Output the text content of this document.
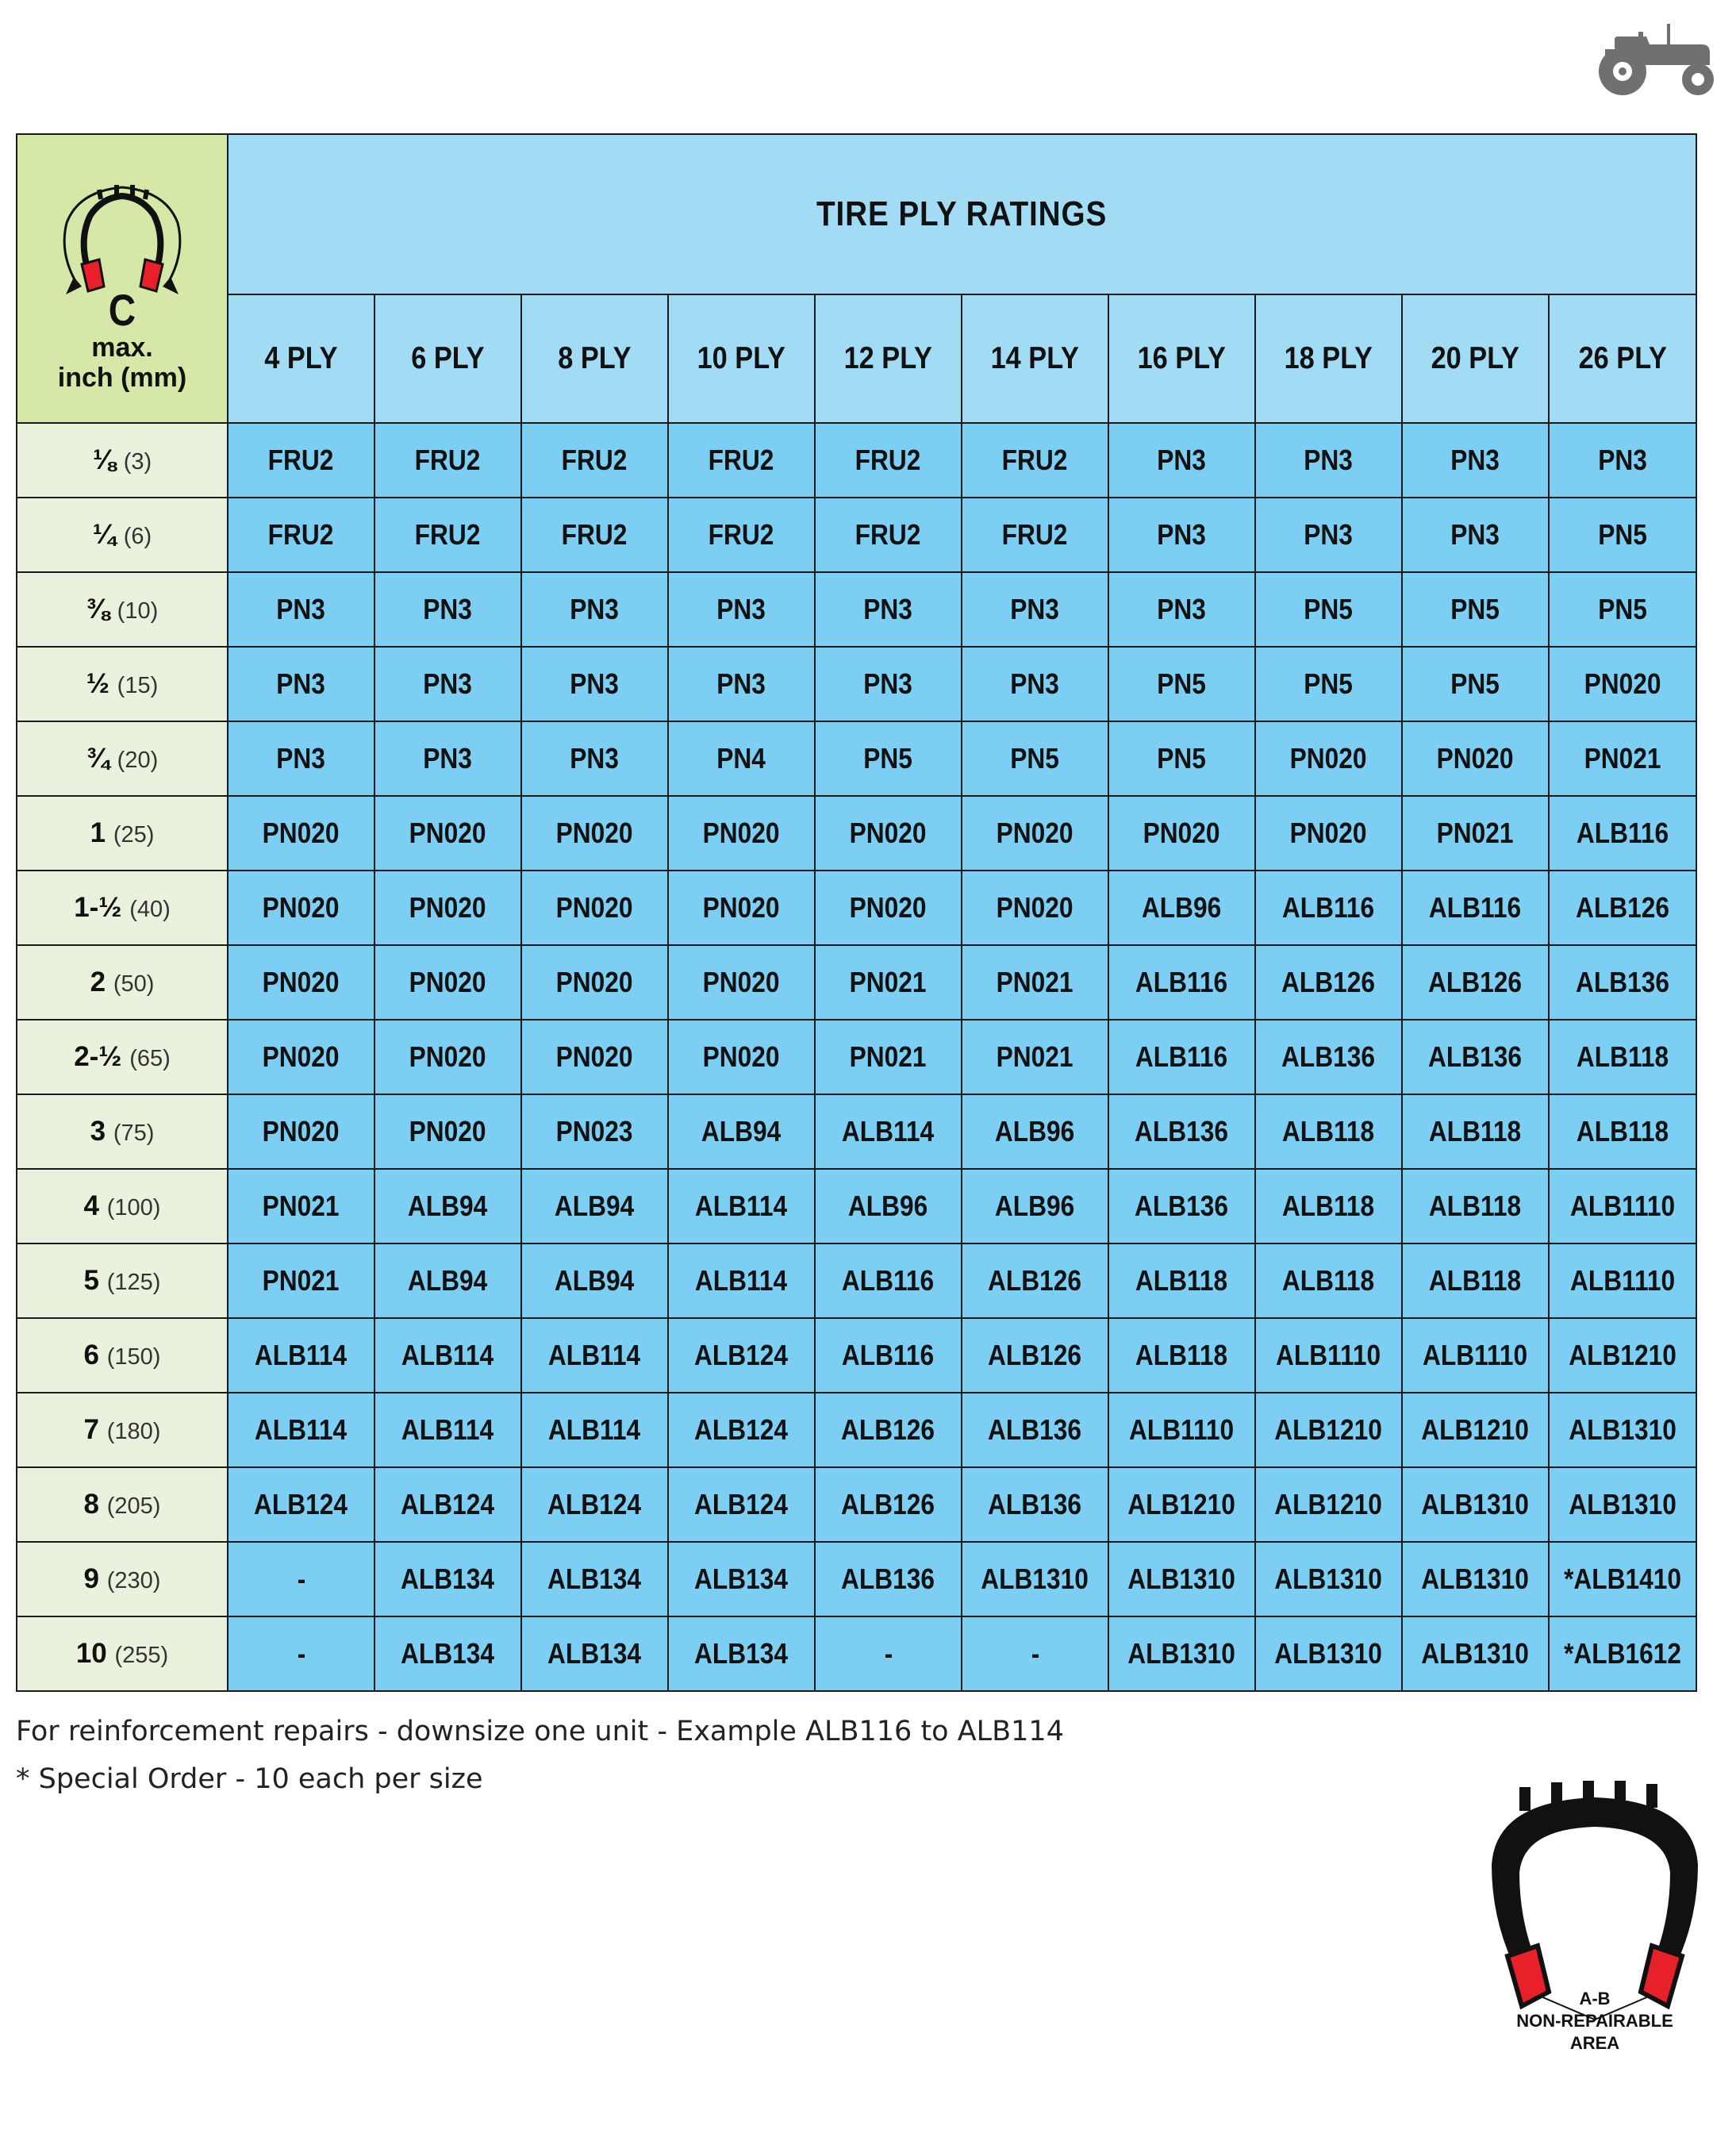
C
max.
inch (mm)	TIRE PLY RATINGS									
	4 PLY	6 PLY	8 PLY	10 PLY	12 PLY	14 PLY	16 PLY	18 PLY	20 PLY	26 PLY
⅛ (3)	FRU2	FRU2	FRU2	FRU2	FRU2	FRU2	PN3	PN3	PN3	PN3
¼ (6)	FRU2	FRU2	FRU2	FRU2	FRU2	FRU2	PN3	PN3	PN3	PN5
⅜ (10)	PN3	PN3	PN3	PN3	PN3	PN3	PN3	PN5	PN5	PN5
½ (15)	PN3	PN3	PN3	PN3	PN3	PN3	PN5	PN5	PN5	PN020
¾ (20)	PN3	PN3	PN3	PN4	PN5	PN5	PN5	PN020	PN020	PN021
1 (25)	PN020	PN020	PN020	PN020	PN020	PN020	PN020	PN020	PN021	ALB116
1-½ (40)	PN020	PN020	PN020	PN020	PN020	PN020	ALB96	ALB116	ALB116	ALB126
2 (50)	PN020	PN020	PN020	PN020	PN021	PN021	ALB116	ALB126	ALB126	ALB136
2-½ (65)	PN020	PN020	PN020	PN020	PN021	PN021	ALB116	ALB136	ALB136	ALB118
3 (75)	PN020	PN020	PN023	ALB94	ALB114	ALB96	ALB136	ALB118	ALB118	ALB118
4 (100)	PN021	ALB94	ALB94	ALB114	ALB96	ALB96	ALB136	ALB118	ALB118	ALB1110
5 (125)	PN021	ALB94	ALB94	ALB114	ALB116	ALB126	ALB118	ALB118	ALB118	ALB1110
6 (150)	ALB114	ALB114	ALB114	ALB124	ALB116	ALB126	ALB118	ALB1110	ALB1110	ALB1210
7 (180)	ALB114	ALB114	ALB114	ALB124	ALB126	ALB136	ALB1110	ALB1210	ALB1210	ALB1310
8 (205)	ALB124	ALB124	ALB124	ALB124	ALB126	ALB136	ALB1210	ALB1210	ALB1310	ALB1310
9 (230)	-	ALB134	ALB134	ALB134	ALB136	ALB1310	ALB1310	ALB1310	ALB1310	*ALB1410
10 (255)	-	ALB134	ALB134	ALB134	-	-	ALB1310	ALB1310	ALB1310	*ALB1612
For reinforcement repairs - downsize one unit - Example ALB116 to ALB114
* Special Order - 10 each per size
A-B
NON-REPAIRABLE
AREA
